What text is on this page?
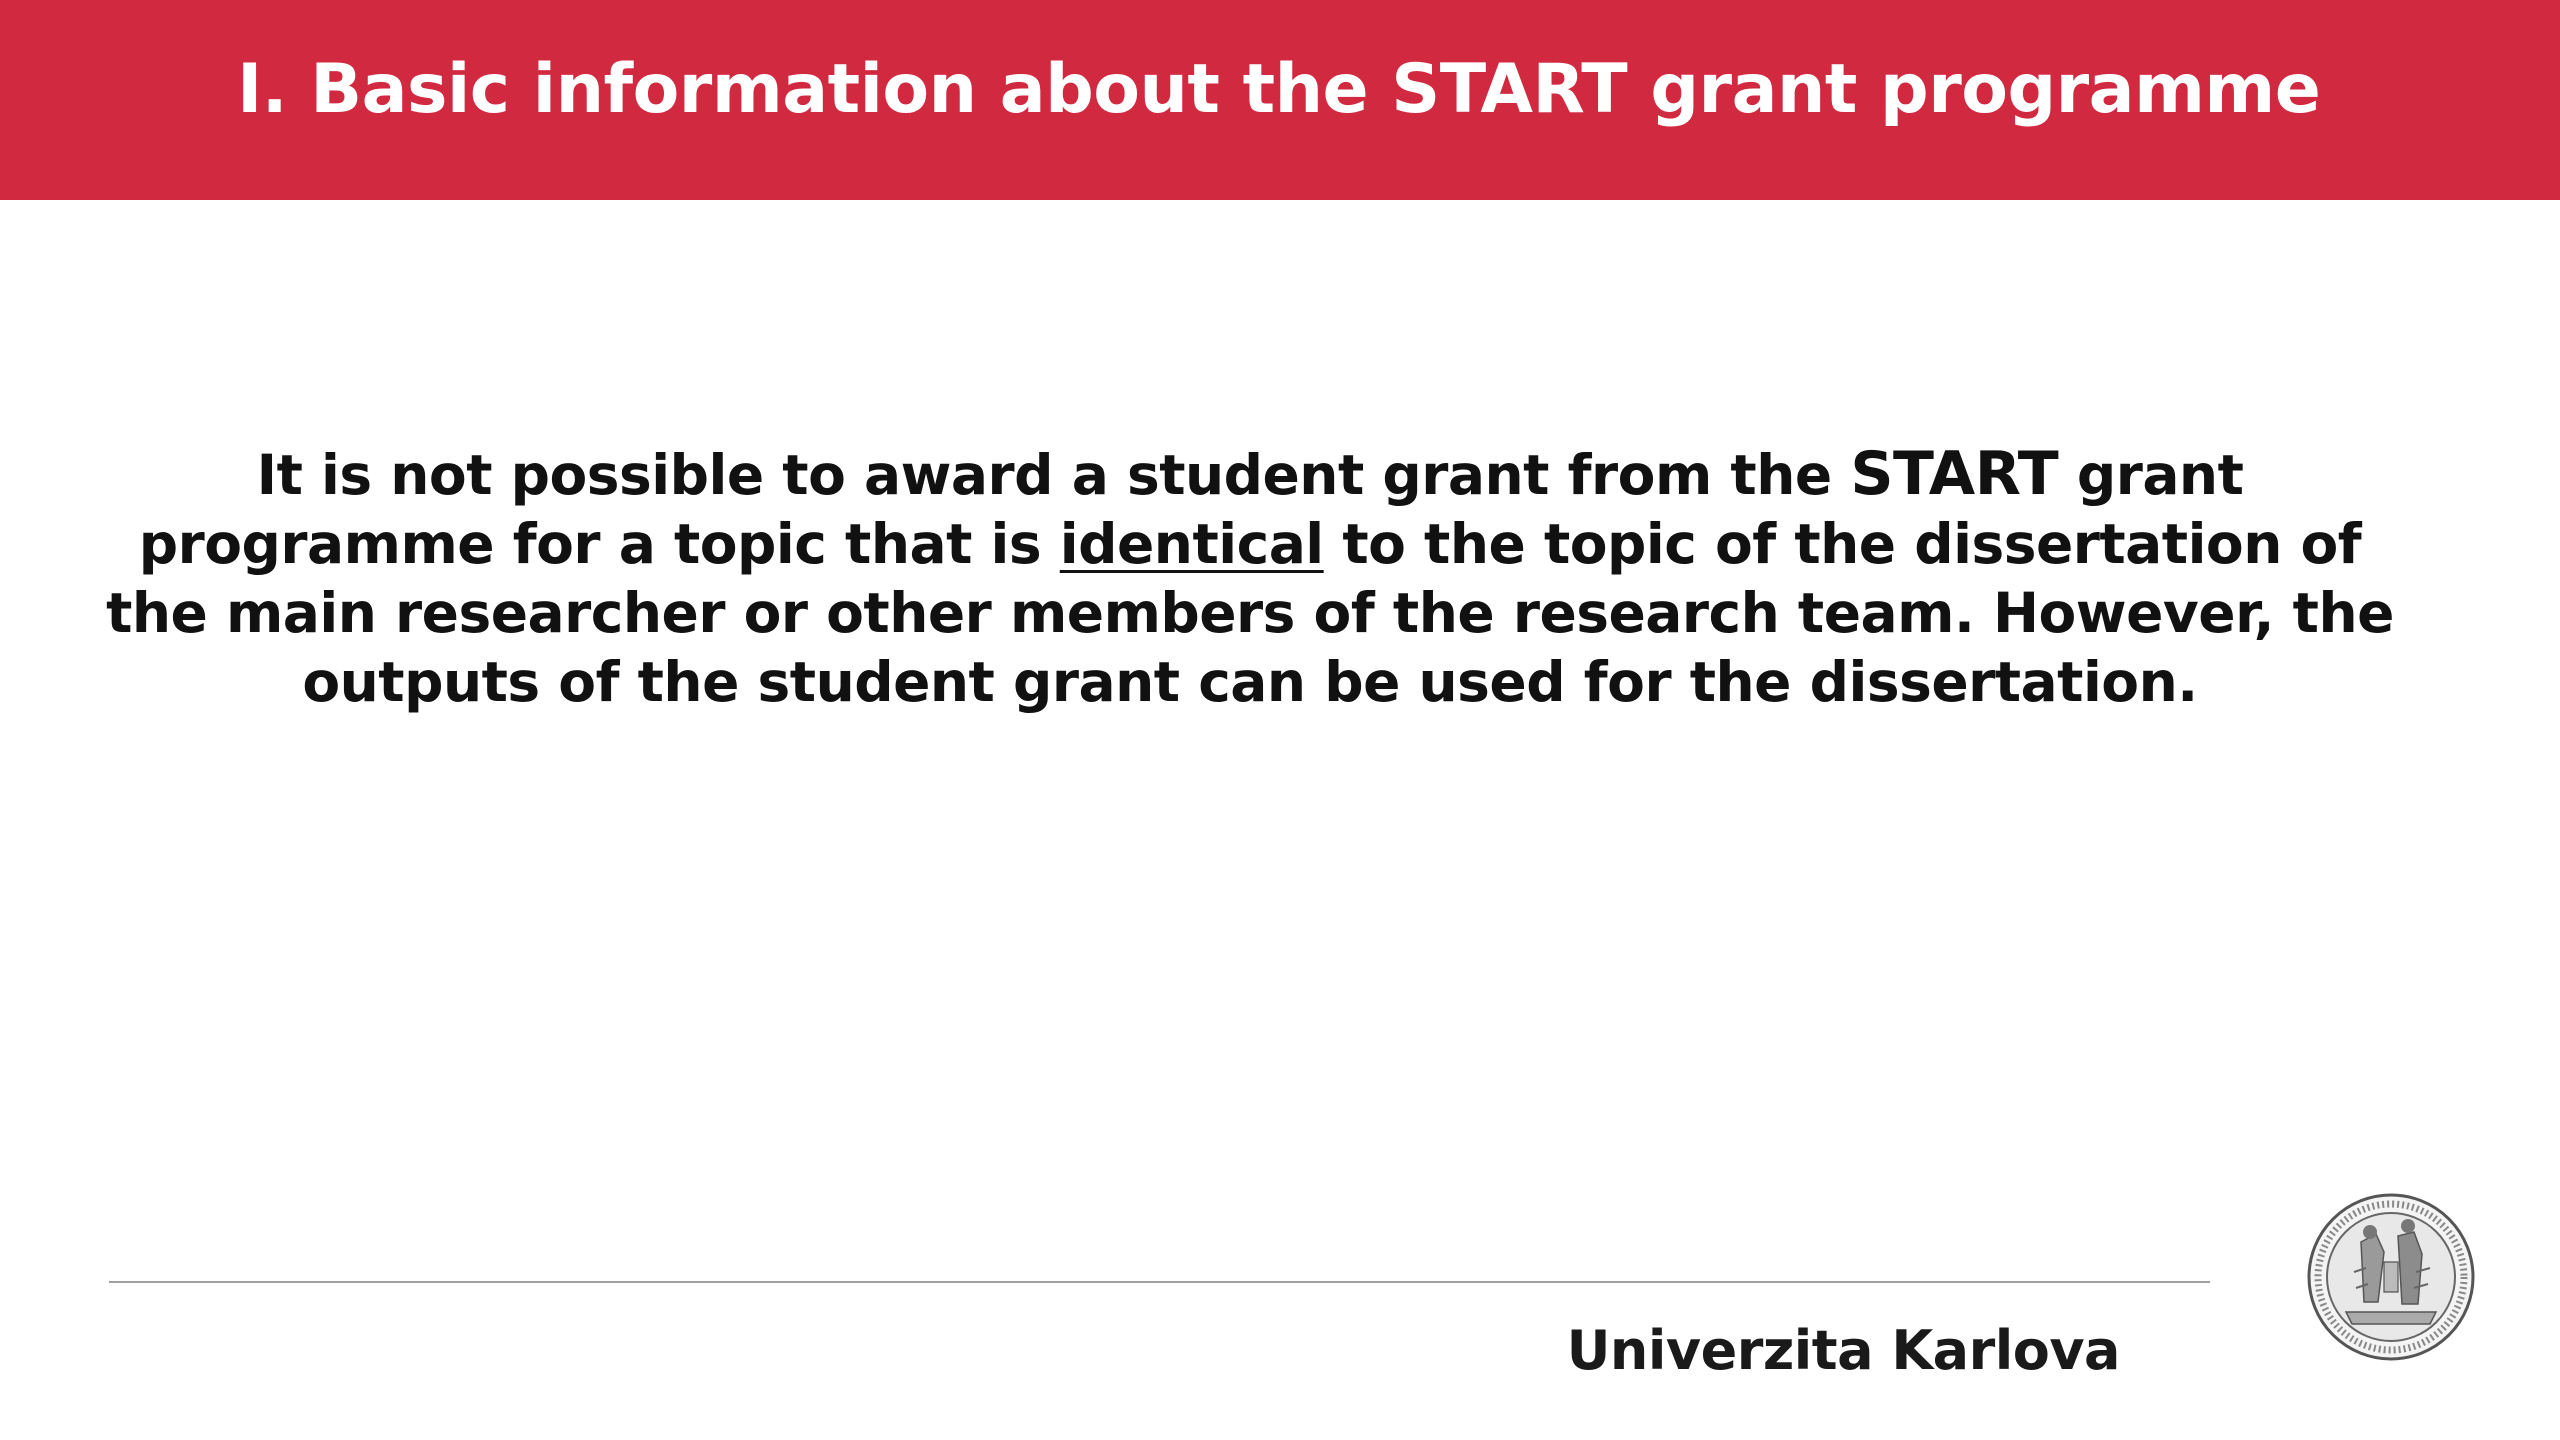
I. Basic information about the START grant programme

It is not possible to award a student grant from the START grant programme for a topic that is identical to the topic of the dissertation of the main researcher or other members of the research team. However, the outputs of the student grant can be used for the dissertation.

Univerzita Karlova
